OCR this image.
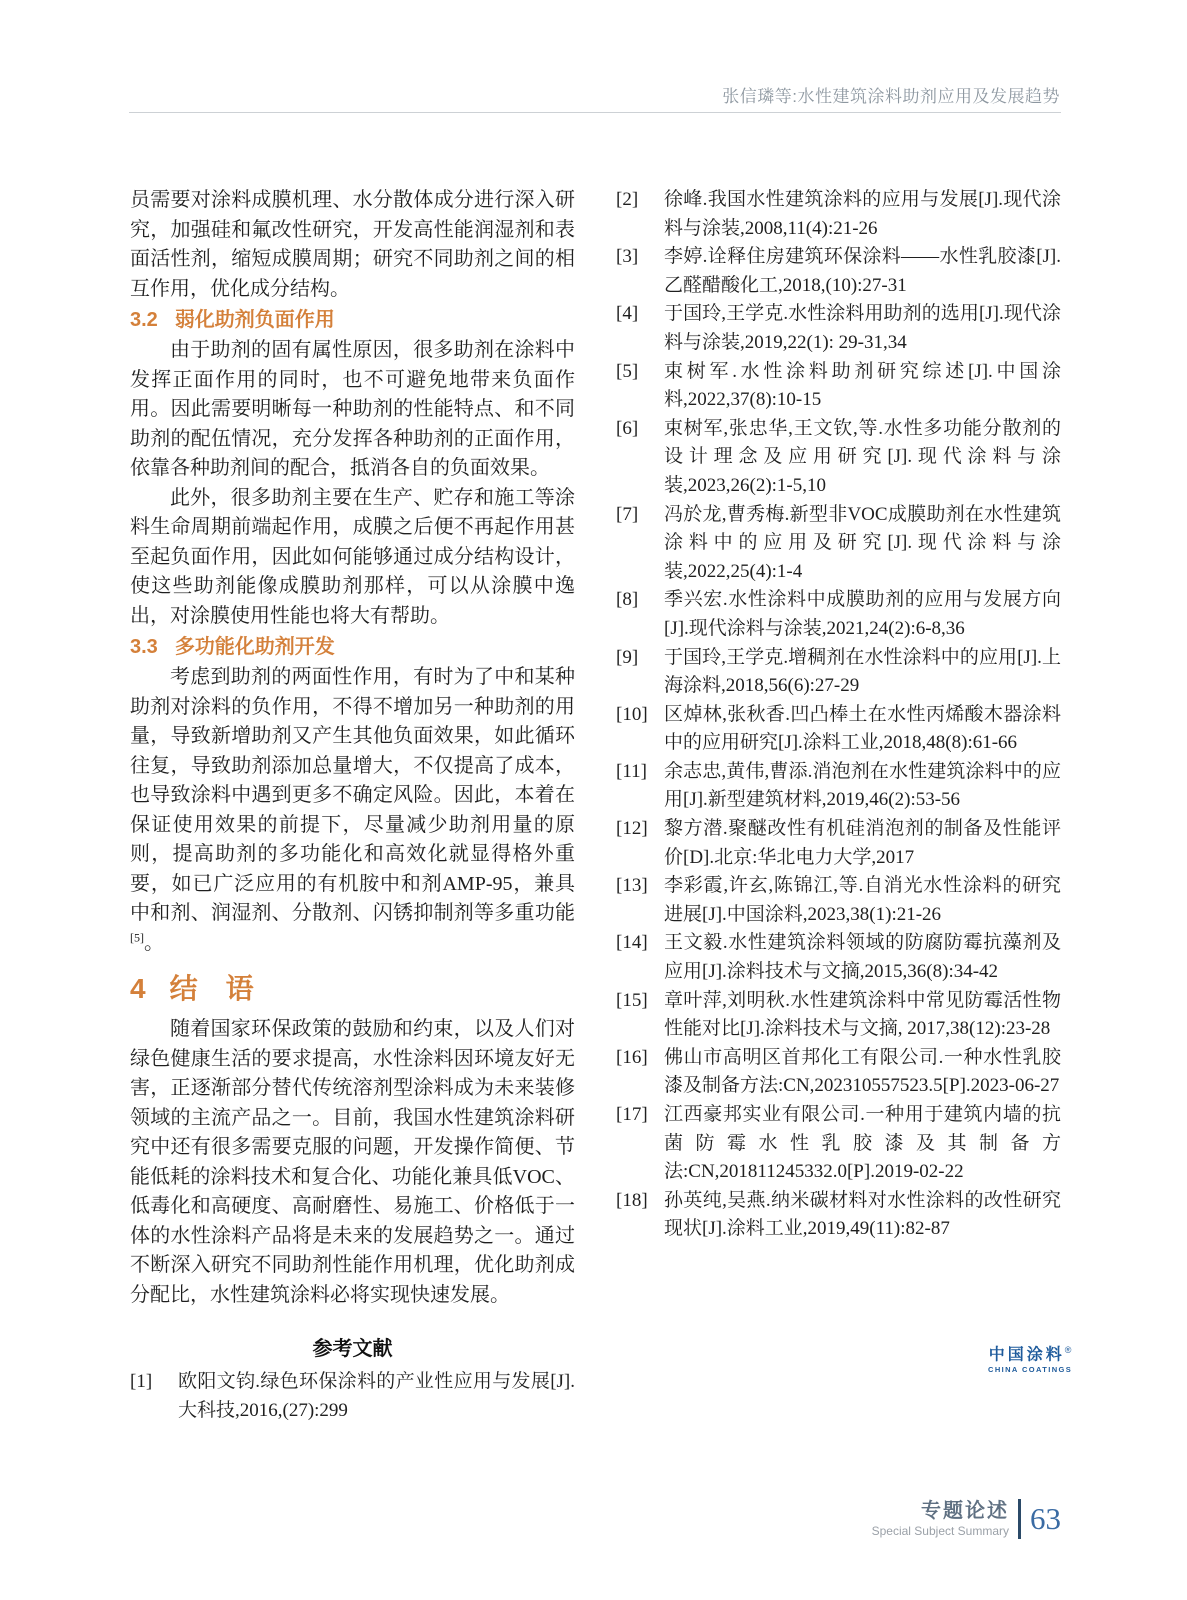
张信璘等:水性建筑涂料助剂应用及发展趋势

员需要对涂料成膜机理、水分散体成分进行深入研究，加强硅和氟改性研究，开发高性能润湿剂和表面活性剂，缩短成膜周期；研究不同助剂之间的相互作用，优化成分结构。

3.2 弱化助剂负面作用

由于助剂的固有属性原因，很多助剂在涂料中发挥正面作用的同时，也不可避免地带来负面作用。因此需要明晰每一种助剂的性能特点、和不同助剂的配伍情况，充分发挥各种助剂的正面作用，依靠各种助剂间的配合，抵消各自的负面效果。

此外，很多助剂主要在生产、贮存和施工等涂料生命周期前端起作用，成膜之后便不再起作用甚至起负面作用，因此如何能够通过成分结构设计，使这些助剂能像成膜助剂那样，可以从涂膜中逸出，对涂膜使用性能也将大有帮助。

3.3 多功能化助剂开发

考虑到助剂的两面性作用，有时为了中和某种助剂对涂料的负作用，不得不增加另一种助剂的用量，导致新增助剂又产生其他负面效果，如此循环往复，导致助剂添加总量增大，不仅提高了成本，也导致涂料中遇到更多不确定风险。因此，本着在保证使用效果的前提下，尽量减少助剂用量的原则，提高助剂的多功能化和高效化就显得格外重要，如已广泛应用的有机胺中和剂AMP-95，兼具中和剂、润湿剂、分散剂、闪锈抑制剂等多重功能[5]。

4 结　语

随着国家环保政策的鼓励和约束，以及人们对绿色健康生活的要求提高，水性涂料因环境友好无害，正逐渐部分替代传统溶剂型涂料成为未来装修领域的主流产品之一。目前，我国水性建筑涂料研究中还有很多需要克服的问题，开发操作简便、节能低耗的涂料技术和复合化、功能化兼具低VOC、低毒化和高硬度、高耐磨性、易施工、价格低于一体的水性涂料产品将是未来的发展趋势之一。通过不断深入研究不同助剂性能作用机理，优化助剂成分配比，水性建筑涂料必将实现快速发展。

参考文献
[1]	欧阳文钧.绿色环保涂料的产业性应用与发展[J].大科技,2016,(27):299
[2]	徐峰.我国水性建筑涂料的应用与发展[J].现代涂料与涂装,2008,11(4):21-26
[3]	李婷.诠释住房建筑环保涂料——水性乳胶漆[J].乙醛醋酸化工,2018,(10):27-31
[4]	于国玲,王学克.水性涂料用助剂的选用[J].现代涂料与涂装,2019,22(1): 29-31,34
[5]	束树军.水性涂料助剂研究综述[J].中国涂料,2022,37(8):10-15
[6]	束树军,张忠华,王文钦,等.水性多功能分散剂的设计理念及应用研究[J].现代涂料与涂装,2023,26(2):1-5,10
[7]	冯於龙,曹秀梅.新型非VOC成膜助剂在水性建筑涂料中的应用及研究[J].现代涂料与涂装,2022,25(4):1-4
[8]	季兴宏.水性涂料中成膜助剂的应用与发展方向[J].现代涂料与涂装,2021,24(2):6-8,36
[9]	于国玲,王学克.增稠剂在水性涂料中的应用[J].上海涂料,2018,56(6):27-29
[10] 区焯林,张秋香.凹凸棒土在水性丙烯酸木器涂料中的应用研究[J].涂料工业,2018,48(8):61-66
[11] 余志忠,黄伟,曹添.消泡剂在水性建筑涂料中的应用[J].新型建筑材料,2019,46(2):53-56
[12] 黎方潜.聚醚改性有机硅消泡剂的制备及性能评价[D].北京:华北电力大学,2017
[13] 李彩霞,许玄,陈锦江,等.自消光水性涂料的研究进展[J].中国涂料,2023,38(1):21-26
[14] 王文毅.水性建筑涂料领域的防腐防霉抗藻剂及应用[J].涂料技术与文摘,2015,36(8):34-42
[15] 章叶萍,刘明秋.水性建筑涂料中常见防霉活性物性能对比[J].涂料技术与文摘, 2017,38(12):23-28
[16] 佛山市高明区首邦化工有限公司.一种水性乳胶漆及制备方法:CN,202310557523.5[P].2023-06-27
[17] 江西豪邦实业有限公司.一种用于建筑内墙的抗菌防霉水性乳胶漆及其制备方法:CN,201811245332.0[P].2019-02-22
[18] 孙英纯,吴燕.纳米碳材料对水性涂料的改性研究现状[J].涂料工业,2019,49(11):82-87
中国涂料®
CHINA COATINGS
专题论述
Special Subject Summary 63
